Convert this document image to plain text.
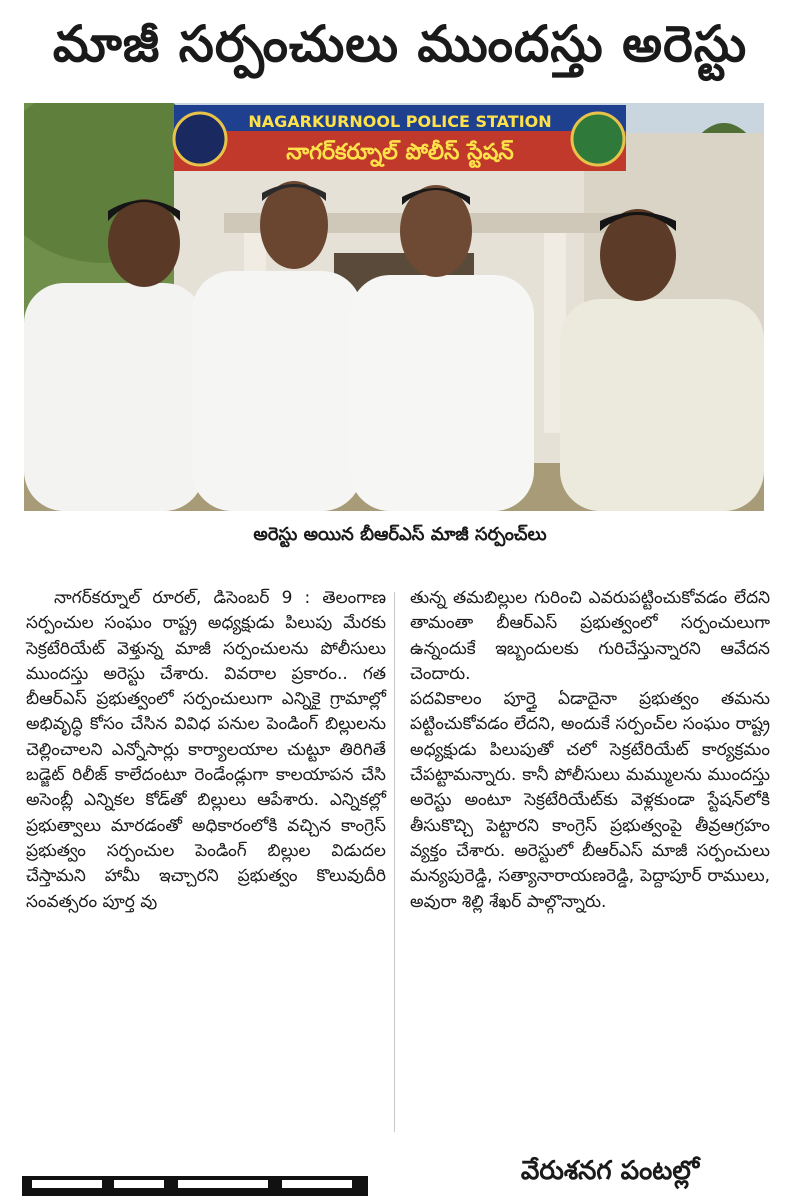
మాజీ సర్పంచులు ముందస్తు అరెస్టు
NAGARKURNOOL POLICE STATION
నాగర్‌కర్నూల్ పోలీస్ స్టేషన్
అరెస్టు అయిన బీఆర్ఎస్ మాజీ సర్పంచ్‌లు

నాగర్‌కర్నూల్ రూరల్, డిసెంబర్ 9 : తెలంగాణ సర్పంచుల సంఘం రాష్ట్ర అధ్యక్షుడు పిలుపు మేరకు సెక్రటేరియేట్ వెళ్తున్న మాజీ సర్పంచులను పోలీసులు ముందస్తు అరెస్టు చేశారు. వివరాల ప్రకారం.. గత బీఆర్ఎస్ ప్రభుత్వంలో సర్పంచులుగా ఎన్నికై గ్రామాల్లో అభివృద్ధి కోసం చేసిన వివిధ పనుల పెండింగ్ బిల్లులను చెల్లించాలని ఎన్నోసార్లు కార్యాలయాల చుట్టూ తిరిగితే బడ్జెట్ రిలీజ్ కాలేదంటూ రెండేండ్లుగా కాలయాపన చేసి అసెంబ్లీ ఎన్నికల కోడ్‌తో బిల్లులు ఆపేశారు. ఎన్నికల్లో ప్రభుత్వాలు మారడంతో అధికారంలోకి వచ్చిన కాంగ్రెస్ ప్రభుత్వం సర్పంచుల పెండింగ్ బిల్లుల విడుదల చేస్తామని హామీ ఇచ్చారని ప్రభుత్వం కొలువుదీరి సంవత్సరం పూర్త వు

తున్న తమబిల్లుల గురించి ఎవరుపట్టించుకోవడం లేదని తామంతా బీఆర్ఎస్ ప్రభుత్వంలో సర్పంచులుగా ఉన్నందుకే ఇబ్బందులకు గురిచేస్తున్నారని ఆవేదన చెందారు.

పదవికాలం పూర్తై ఏడాదైనా ప్రభుత్వం తమను పట్టించుకోవడం లేదని, అందుకే సర్పంచ్‌ల సంఘం రాష్ట్ర అధ్యక్షుడు పిలుపుతో చలో సెక్రటేరియేట్ కార్యక్రమం చేపట్టామన్నారు. కానీ పోలీసులు మమ్ములను ముందస్తు అరెస్టు అంటూ సెక్రటేరియేట్‌కు వెళ్లకుండా స్టేషన్‌లోకి తీసుకొచ్చి పెట్టారని కాంగ్రెస్ ప్రభుత్వంపై తీవ్రఆగ్రహం వ్యక్తం చేశారు. అరెస్టులో బీఆర్ఎస్ మాజీ సర్పంచులు మన్యపురెడ్డి, సత్యానారాయణరెడ్డి, పెద్దాపూర్ రాములు, అవురా శిల్లి శేఖర్ పాల్గొన్నారు.

వేరుశనగ పంటల్లో
